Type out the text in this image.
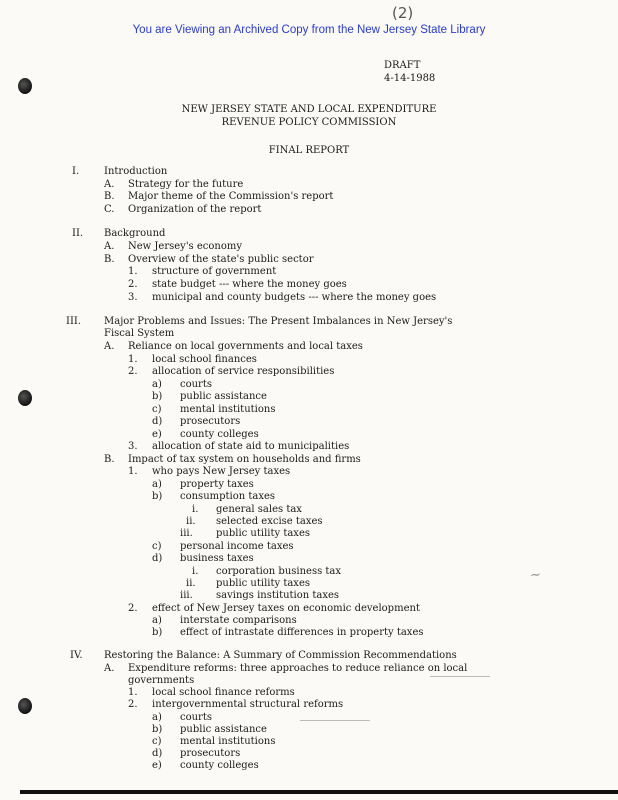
You are Viewing an Archived Copy from the New Jersey State Library
(2)
DRAFT
4-14-1988
NEW JERSEY STATE AND LOCAL EXPENDITURE
REVENUE POLICY COMMISSION
FINAL REPORT
I. Introduction
A. Strategy for the future
B. Major theme of the Commission's report
C. Organization of the report
II. Background
A. New Jersey's economy
B. Overview of the state's public sector
1. structure of government
2. state budget --- where the money goes
3. municipal and county budgets --- where the money goes
III. Major Problems and Issues: The Present Imbalances in New Jersey's
Fiscal System
A. Reliance on local governments and local taxes
1. local school finances
2. allocation of service responsibilities
a) courts
b) public assistance
c) mental institutions
d) prosecutors
e) county colleges
3. allocation of state aid to municipalities
B. Impact of tax system on households and firms
1. who pays New Jersey taxes
a) property taxes
b) consumption taxes
i. general sales tax
ii. selected excise taxes
iii. public utility taxes
c) personal income taxes
d) business taxes
i. corporation business tax
ii. public utility taxes
iii. savings institution taxes
2. effect of New Jersey taxes on economic development
a) interstate comparisons
b) effect of intrastate differences in property taxes
IV. Restoring the Balance: A Summary of Commission Recommendations
A. Expenditure reforms: three approaches to reduce reliance on local
governments
1. local school finance reforms
2. intergovernmental structural reforms
a) courts
b) public assistance
c) mental institutions
d) prosecutors
e) county colleges
~
